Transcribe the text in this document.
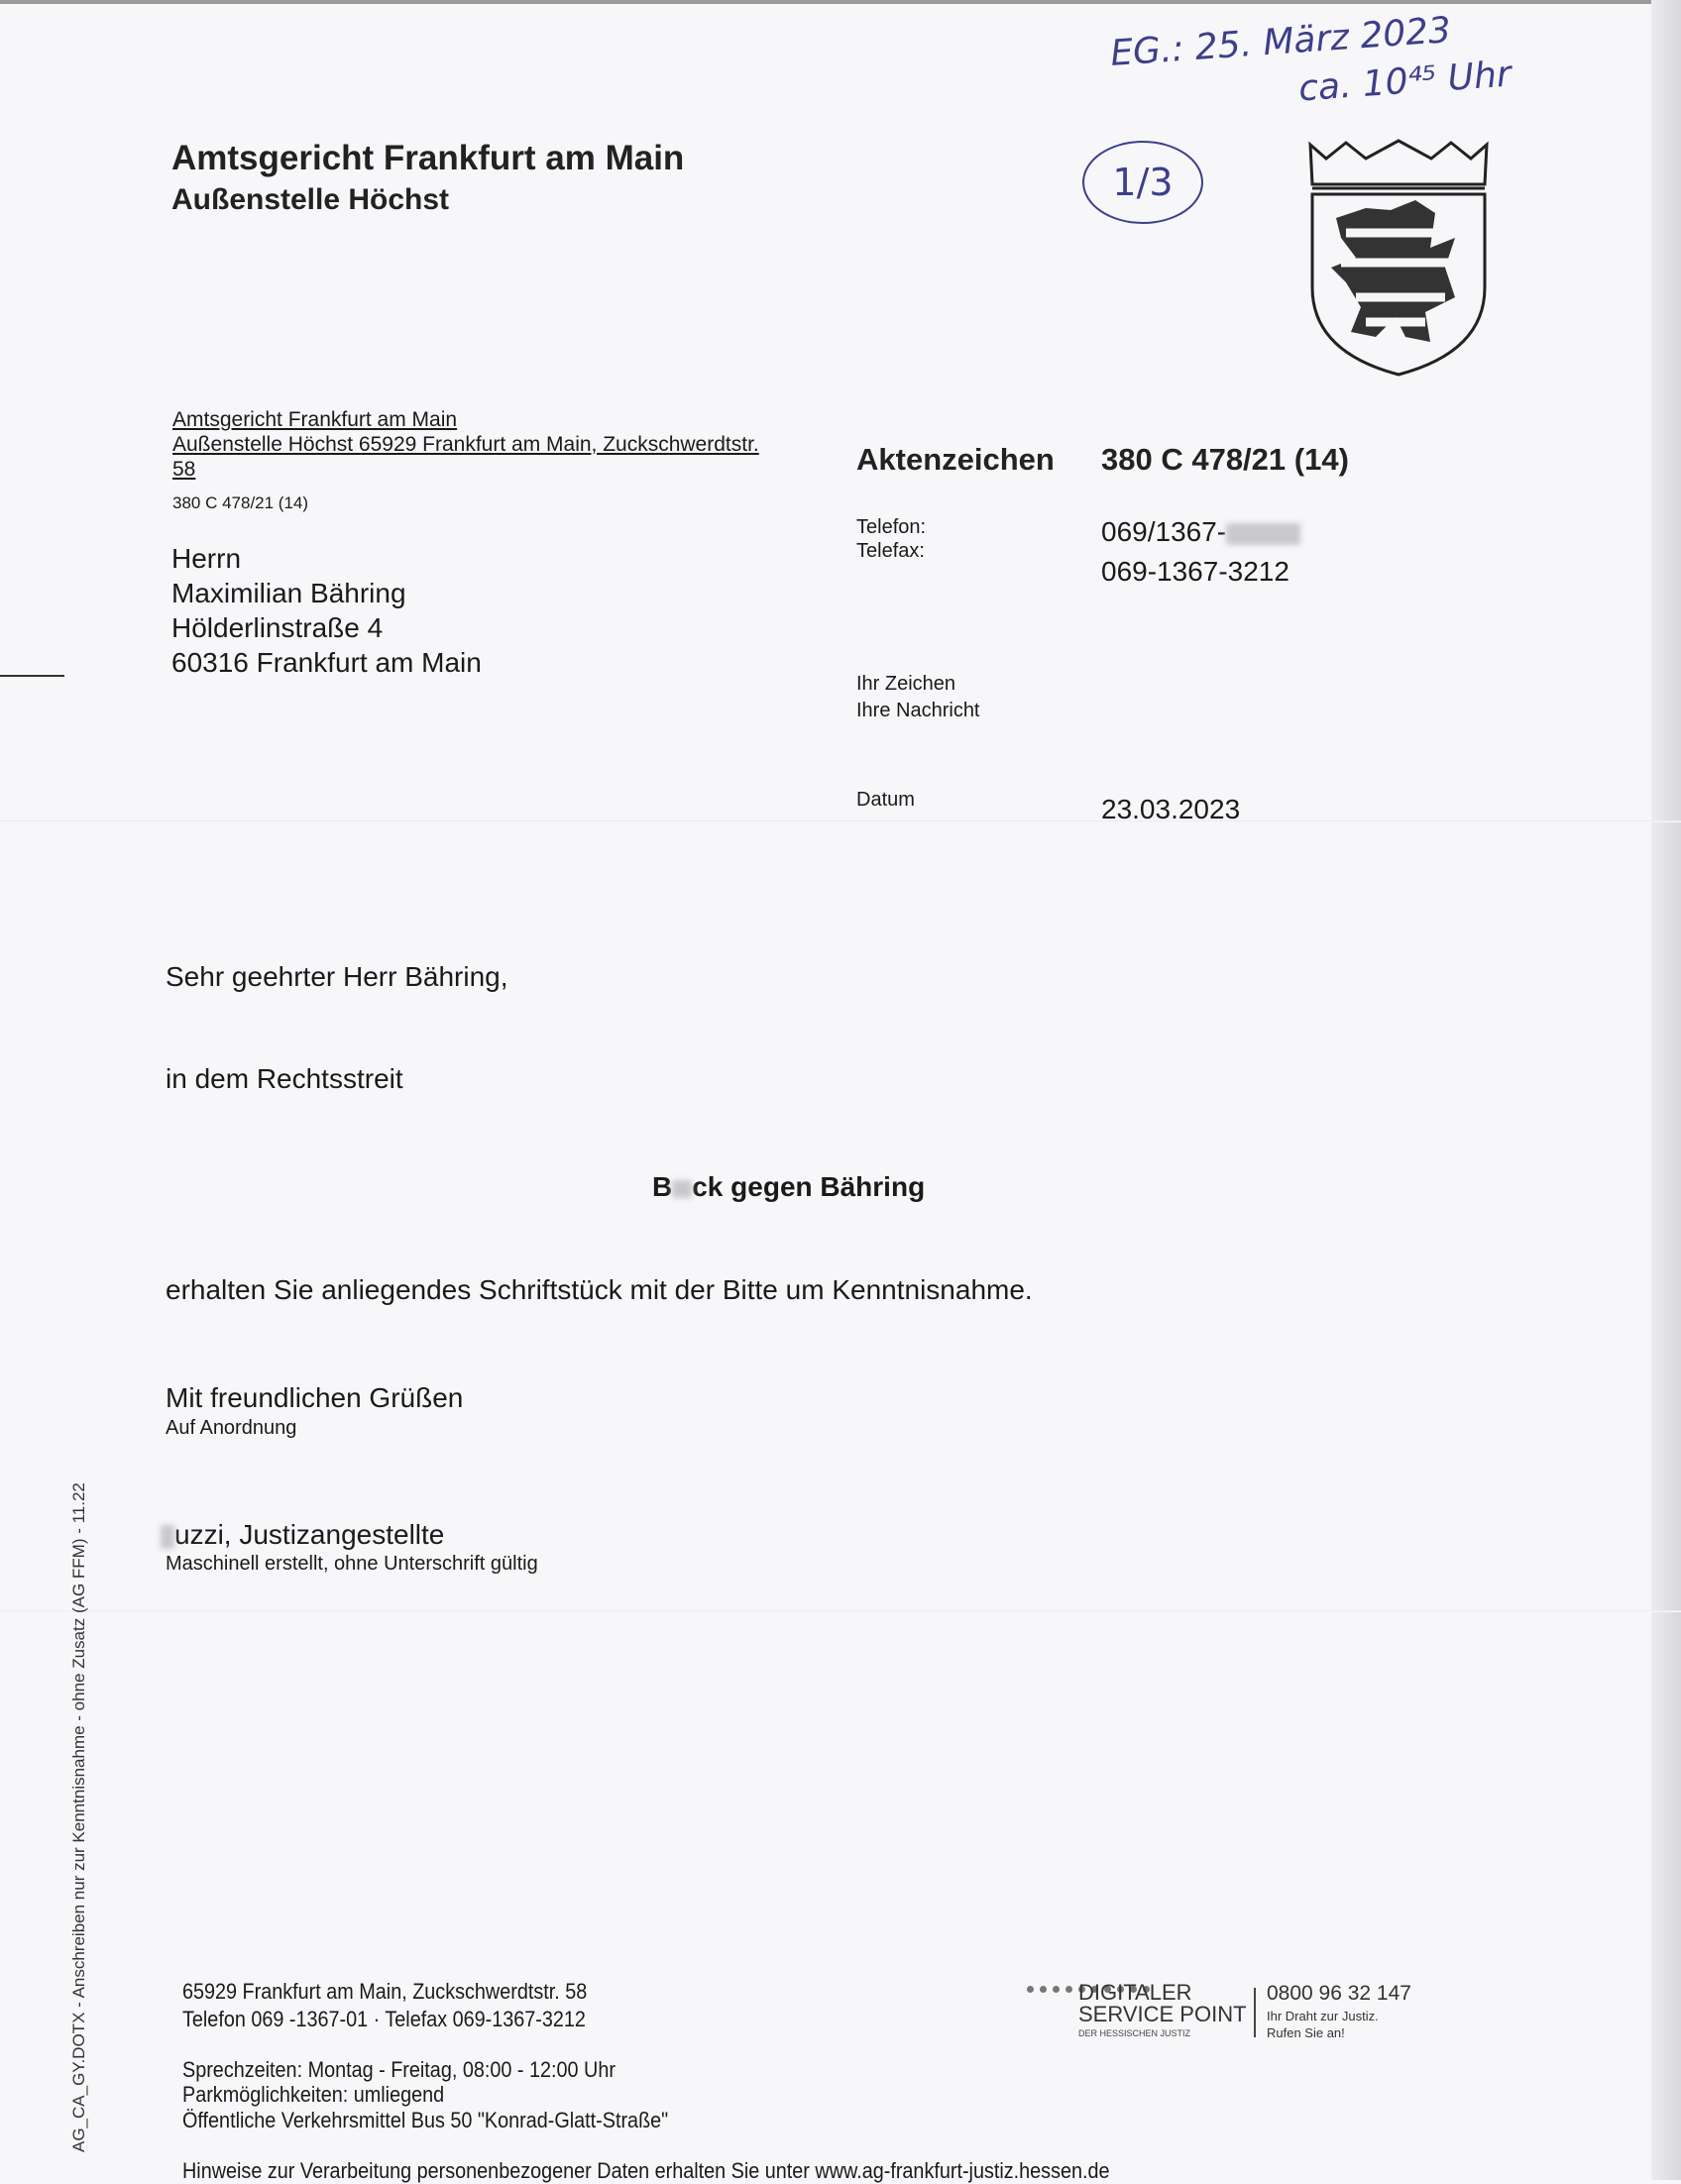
EG.: 25. März 2023
ca. 10⁴⁵ Uhr
1/3
Amtsgericht Frankfurt am Main
Außenstelle Höchst
Amtsgericht Frankfurt am Main
Außenstelle Höchst 65929 Frankfurt am Main, Zuckschwerdtstr.
58
380 C 478/21 (14)
Herrn
Maximilian Bähring
Hölderlinstraße 4
60316 Frankfurt am Main
Aktenzeichen 380 C 478/21 (14)
Telefon:
Telefax:
069/1367-
069-1367-3212
Ihr Zeichen
Ihre Nachricht
Datum	23.03.2023
Sehr geehrter Herr Bähring,
in dem Rechtsstreit
B ck gegen Bähring
erhalten Sie anliegendes Schriftstück mit der Bitte um Kenntnisnahme.
Mit freundlichen Grüßen
Auf Anordnung
uzzi, Justizangestellte
Maschinell erstellt, ohne Unterschrift gültig
AG_CA_GY.DOTX - Anschreiben nur zur Kenntnisnahme - ohne Zusatz (AG FFM) - 11.22	65929 Frankfurt am Main, Zuckschwerdtstr. 58
Telefon 069 -1367-01 · Telefax 069-1367-3212
Sprechzeiten: Montag - Freitag, 08:00 - 12:00 Uhr
Parkmöglichkeiten: umliegend
Öffentliche Verkehrsmittel Bus 50 "Konrad-Glatt-Straße"
Hinweise zur Verarbeitung personenbezogener Daten erhalten Sie unter www.ag-frankfurt-justiz.hessen.de
DIGITALER
SERVICE POINT
DER HESSISCHEN JUSTIZ
0800 96 32 147
Ihr Draht zur Justiz.
Rufen Sie an!
